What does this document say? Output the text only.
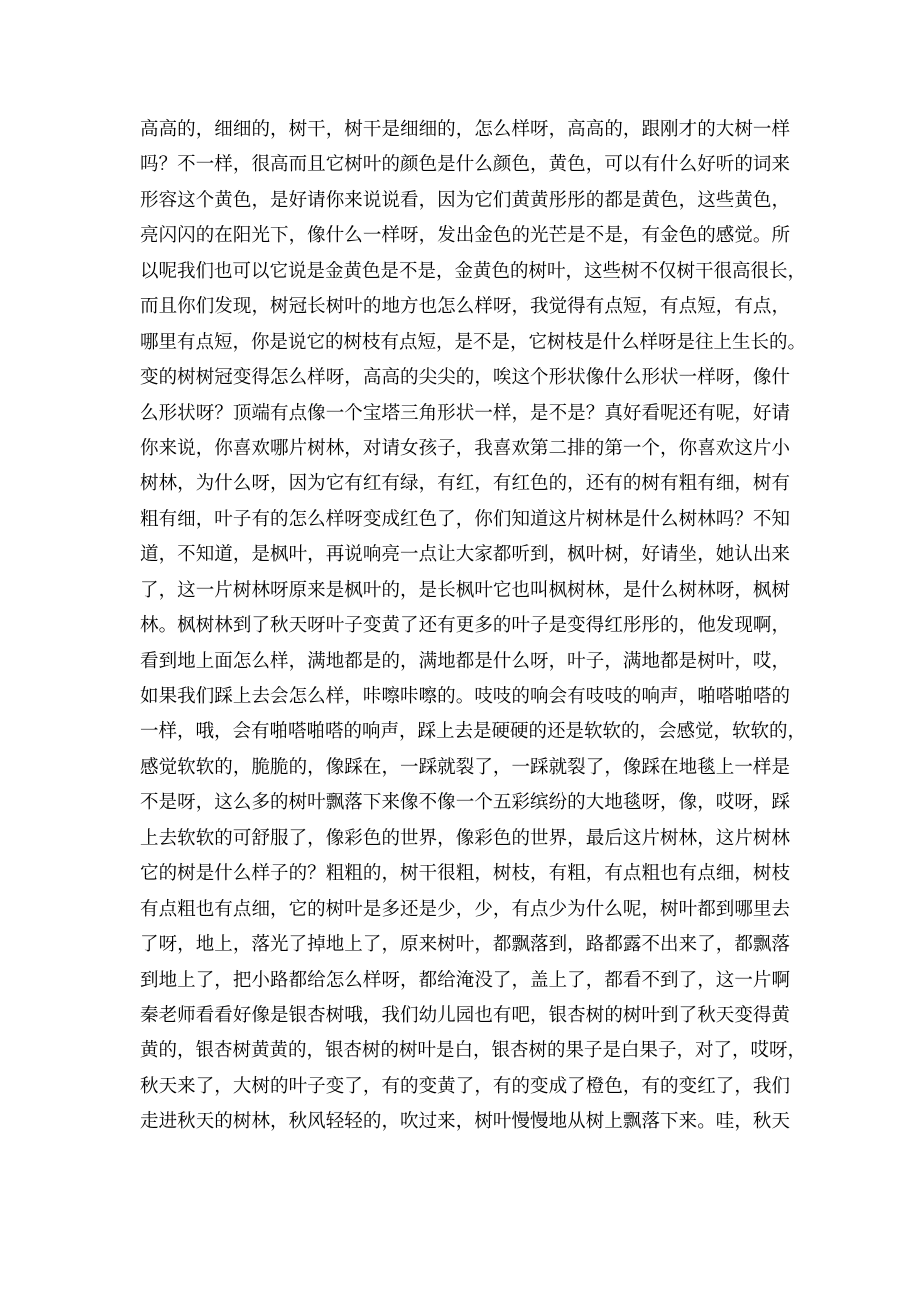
高高的，细细的，树干，树干是细细的，怎么样呀，高高的，跟刚才的大树一样
吗？不一样，很高而且它树叶的颜色是什么颜色，黄色，可以有什么好听的词来
形容这个黄色，是好请你来说说看，因为它们黄黄彤彤的都是黄色，这些黄色，
亮闪闪的在阳光下，像什么一样呀，发出金色的光芒是不是，有金色的感觉。所
以呢我们也可以它说是金黄色是不是，金黄色的树叶，这些树不仅树干很高很长，
而且你们发现，树冠长树叶的地方也怎么样呀，我觉得有点短，有点短，有点，
哪里有点短，你是说它的树枝有点短，是不是，它树枝是什么样呀是往上生长的。
变的树树冠变得怎么样呀，高高的尖尖的，唉这个形状像什么形状一样呀，像什
么形状呀？顶端有点像一个宝塔三角形状一样，是不是？真好看呢还有呢，好请
你来说，你喜欢哪片树林，对请女孩子，我喜欢第二排的第一个，你喜欢这片小
树林，为什么呀，因为它有红有绿，有红，有红色的，还有的树有粗有细，树有
粗有细，叶子有的怎么样呀变成红色了，你们知道这片树林是什么树林吗？不知
道，不知道，是枫叶，再说响亮一点让大家都听到，枫叶树，好请坐，她认出来
了，这一片树林呀原来是枫叶的，是长枫叶它也叫枫树林，是什么树林呀，枫树
林。枫树林到了秋天呀叶子变黄了还有更多的叶子是变得红彤彤的，他发现啊，
看到地上面怎么样，满地都是的，满地都是什么呀，叶子，满地都是树叶，哎，
如果我们踩上去会怎么样，咔嚓咔嚓的。吱吱的响会有吱吱的响声，啪嗒啪嗒的
一样，哦，会有啪嗒啪嗒的响声，踩上去是硬硬的还是软软的，会感觉，软软的，
感觉软软的，脆脆的，像踩在，一踩就裂了，一踩就裂了，像踩在地毯上一样是
不是呀，这么多的树叶飘落下来像不像一个五彩缤纷的大地毯呀，像，哎呀，踩
上去软软的可舒服了，像彩色的世界，像彩色的世界，最后这片树林，这片树林
它的树是什么样子的？粗粗的，树干很粗，树枝，有粗，有点粗也有点细，树枝
有点粗也有点细，它的树叶是多还是少，少，有点少为什么呢，树叶都到哪里去
了呀，地上，落光了掉地上了，原来树叶，都飘落到，路都露不出来了，都飘落
到地上了，把小路都给怎么样呀，都给淹没了，盖上了，都看不到了，这一片啊
秦老师看看好像是银杏树哦，我们幼儿园也有吧，银杏树的树叶到了秋天变得黄
黄的，银杏树黄黄的，银杏树的树叶是白，银杏树的果子是白果子，对了，哎呀，
秋天来了，大树的叶子变了，有的变黄了，有的变成了橙色，有的变红了，我们
走进秋天的树林，秋风轻轻的，吹过来，树叶慢慢地从树上飘落下来。哇，秋天
